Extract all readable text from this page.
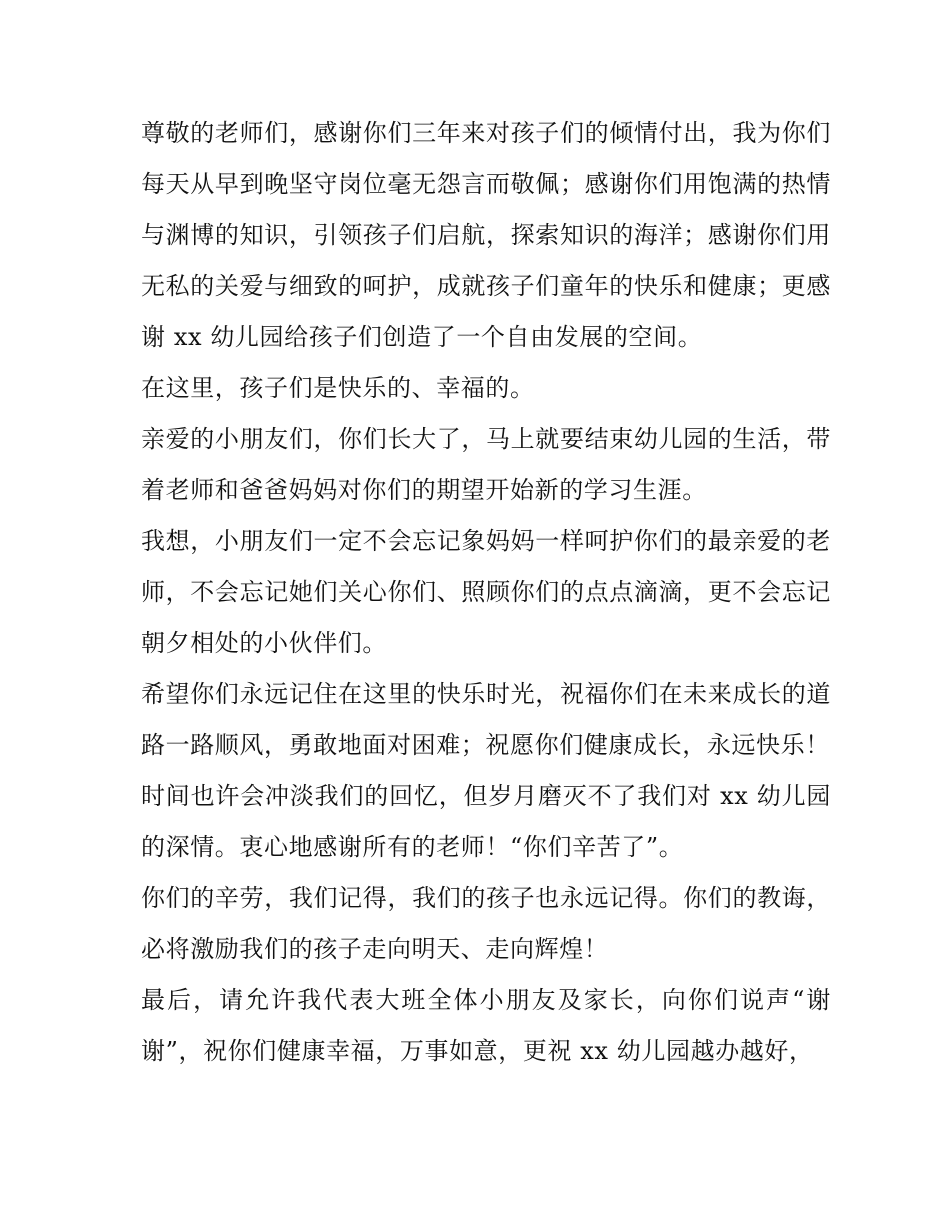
尊敬的老师们，感谢你们三年来对孩子们的倾情付出，我为你们每天从早到晚坚守岗位毫无怨言而敬佩；感谢你们用饱满的热情与渊博的知识，引领孩子们启航，探索知识的海洋；感谢你们用无私的关爱与细致的呵护，成就孩子们童年的快乐和健康；更感谢 xx 幼儿园给孩子们创造了一个自由发展的空间。

在这里，孩子们是快乐的、幸福的。

亲爱的小朋友们，你们长大了，马上就要结束幼儿园的生活，带着老师和爸爸妈妈对你们的期望开始新的学习生涯。

我想，小朋友们一定不会忘记象妈妈一样呵护你们的最亲爱的老师，不会忘记她们关心你们、照顾你们的点点滴滴，更不会忘记朝夕相处的小伙伴们。

希望你们永远记住在这里的快乐时光，祝福你们在未来成长的道路一路顺风，勇敢地面对困难；祝愿你们健康成长，永远快乐！

时间也许会冲淡我们的回忆，但岁月磨灭不了我们对 xx 幼儿园的深情。衷心地感谢所有的老师！“你们辛苦了”。

你们的辛劳，我们记得，我们的孩子也永远记得。你们的教诲，必将激励我们的孩子走向明天、走向辉煌！

最后，请允许我代表大班全体小朋友及家长，向你们说声“谢谢”，祝你们健康幸福，万事如意，更祝 xx 幼儿园越办越好，
